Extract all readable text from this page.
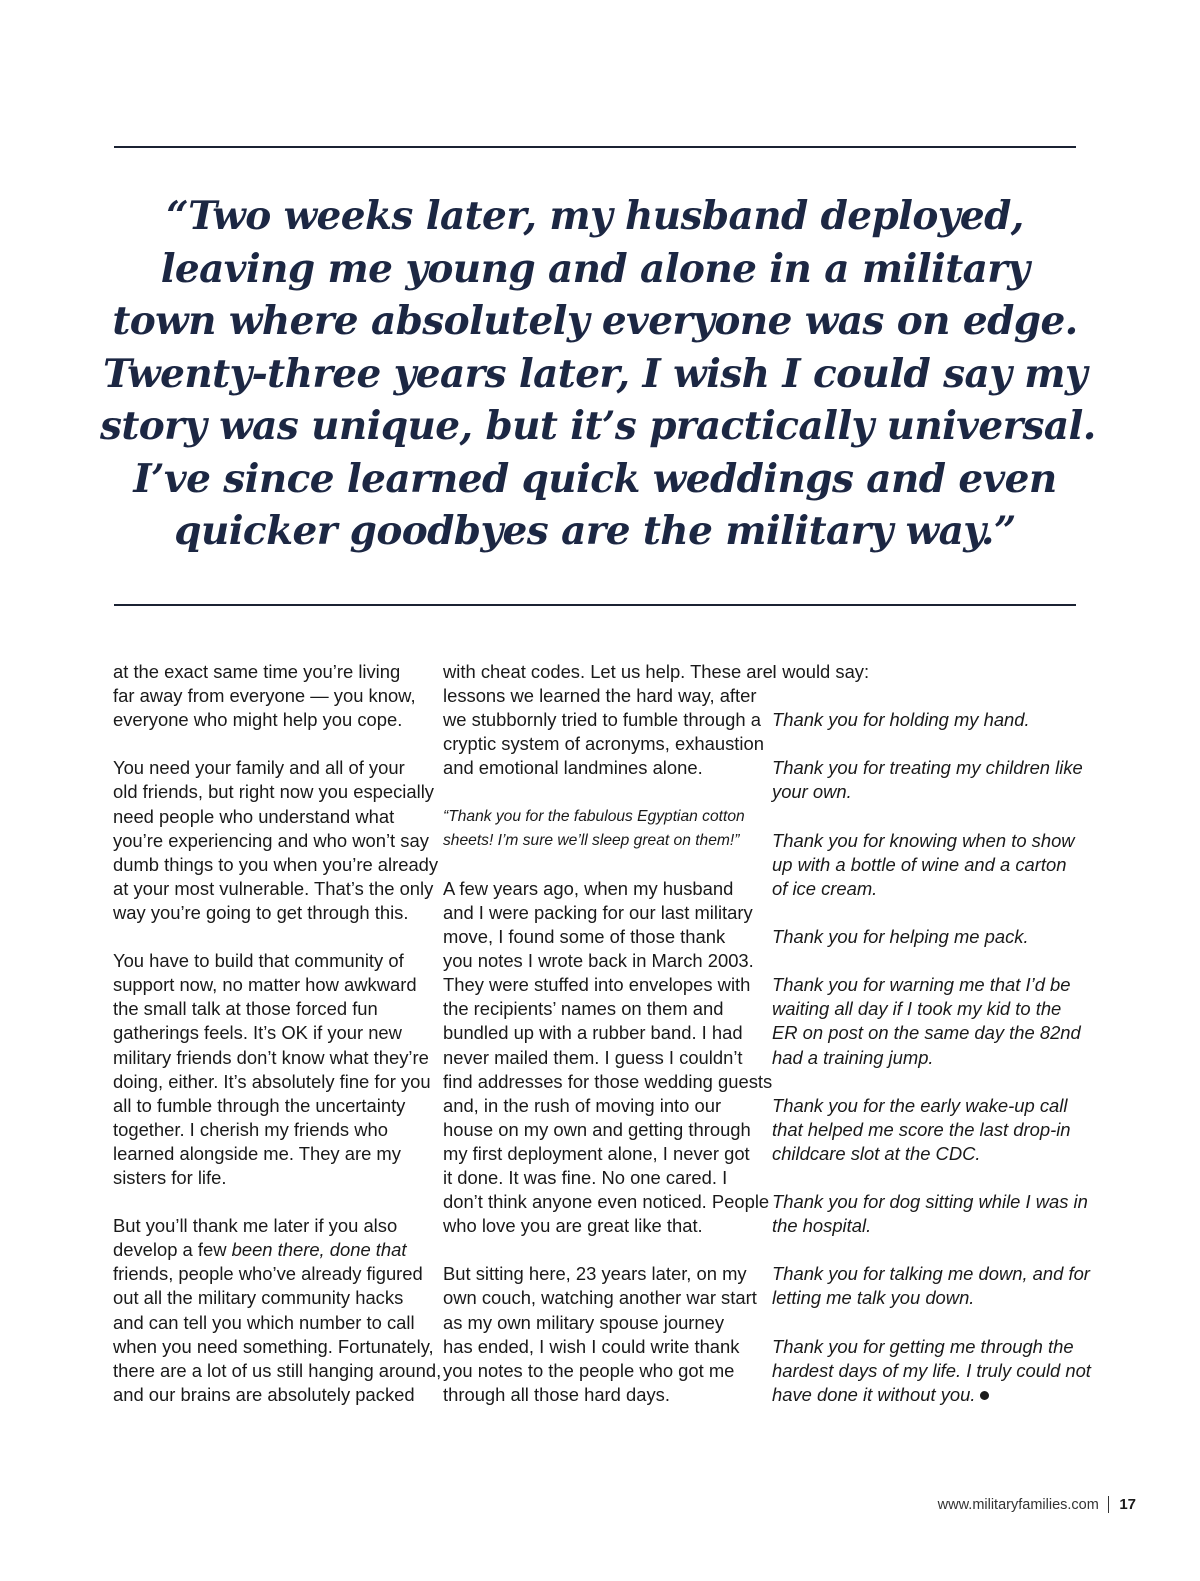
“Two weeks later, my husband deployed,
leaving me young and alone in a military
town where absolutely everyone was on edge.
Twenty-three years later, I wish I could say my
story was unique, but it’s practically universal.
I’ve since learned quick weddings and even
quicker goodbyes are the military way.”

at the exact same time you’re living
far away from everyone — you know,
everyone who might help you cope.

You need your family and all of your
old friends, but right now you especially
need people who understand what
you’re experiencing and who won’t say
dumb things to you when you’re already
at your most vulnerable. That’s the only
way you’re going to get through this.

You have to build that community of
support now, no matter how awkward
the small talk at those forced fun
gatherings feels. It’s OK if your new
military friends don’t know what they’re
doing, either. It’s absolutely fine for you
all to fumble through the uncertainty
together. I cherish my friends who
learned alongside me. They are my
sisters for life.

But you’ll thank me later if you also
develop a few been there, done that
friends, people who’ve already figured
out all the military community hacks
and can tell you which number to call
when you need something. Fortunately,
there are a lot of us still hanging around,
and our brains are absolutely packed

with cheat codes. Let us help. These are
lessons we learned the hard way, after
we stubbornly tried to fumble through a
cryptic system of acronyms, exhaustion
and emotional landmines alone.

“Thank you for the fabulous Egyptian cotton
sheets! I’m sure we’ll sleep great on them!”

A few years ago, when my husband
and I were packing for our last military
move, I found some of those thank
you notes I wrote back in March 2003.
They were stuffed into envelopes with
the recipients’ names on them and
bundled up with a rubber band. I had
never mailed them. I guess I couldn’t
find addresses for those wedding guests
and, in the rush of moving into our
house on my own and getting through
my first deployment alone, I never got
it done. It was fine. No one cared. I
don’t think anyone even noticed. People
who love you are great like that.

But sitting here, 23 years later, on my
own couch, watching another war start
as my own military spouse journey
has ended, I wish I could write thank
you notes to the people who got me
through all those hard days.

I would say:

Thank you for holding my hand.

Thank you for treating my children like
your own.

Thank you for knowing when to show
up with a bottle of wine and a carton
of ice cream.

Thank you for helping me pack.

Thank you for warning me that I’d be
waiting all day if I took my kid to the
ER on post on the same day the 82nd
had a training jump.

Thank you for the early wake-up call
that helped me score the last drop-in
childcare slot at the CDC.

Thank you for dog sitting while I was in
the hospital.

Thank you for talking me down, and for
letting me talk you down.

Thank you for getting me through the
hardest days of my life. I truly could not
have done it without you.

www.militaryfamilies.com 17
